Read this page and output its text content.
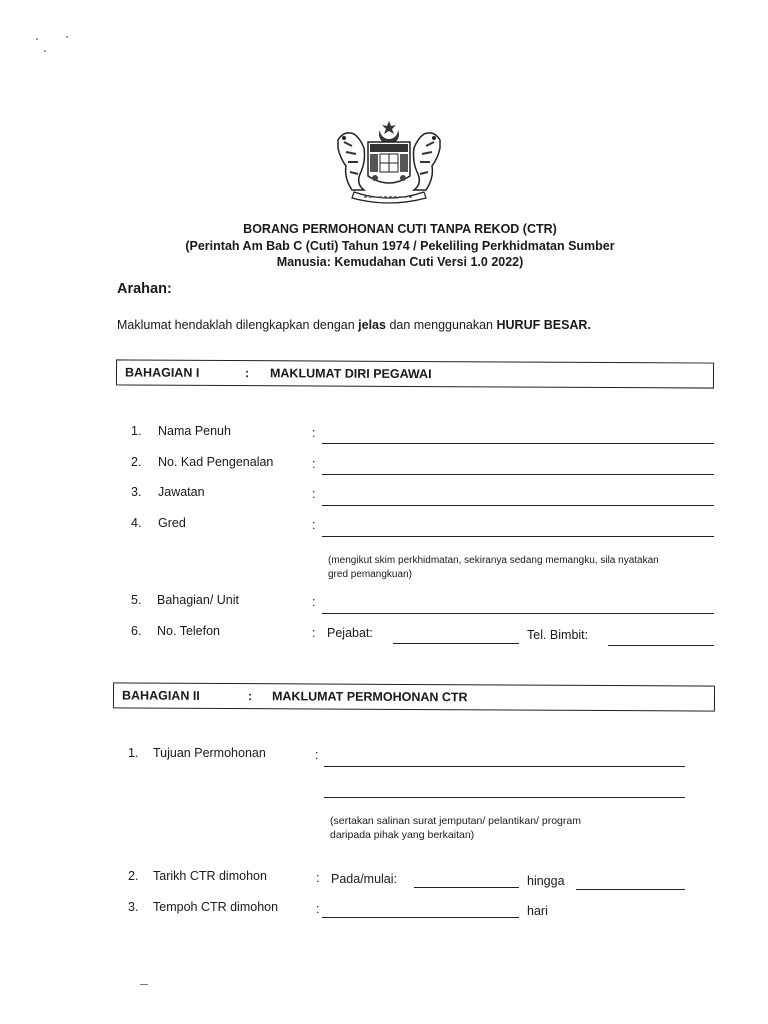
BORANG PERMOHONAN CUTI TANPA REKOD (CTR)
(Perintah Am Bab C (Cuti) Tahun 1974 / Pekeliling Perkhidmatan Sumber
Manusia: Kemudahan Cuti Versi 1.0 2022)
Arahan:
Maklumat hendaklah dilengkapkan dengan jelas dan menggunakan HURUF BESAR.
BAHAGIAN I	: MAKLUMAT DIRI PEGAWAI
1. Nama Penuh	:
2. No. Kad Pengenalan	:
3. Jawatan	:
4. Gred	:
(mengikut skim perkhidmatan, sekiranya sedang memangku, sila nyatakan
gred pemangkuan)
5. Bahagian/ Unit	:
6. No. Telefon	: Pejabat:	Tel. Bimbit:
BAHAGIAN II	: MAKLUMAT PERMOHONAN CTR
1. Tujuan Permohonan	:
(sertakan salinan surat jemputan/ pelantikan/ program
daripada pihak yang berkaitan)
2. Tarikh CTR dimohon	: Pada/mulai:	hingga
3. Tempoh CTR dimohon	:	hari
